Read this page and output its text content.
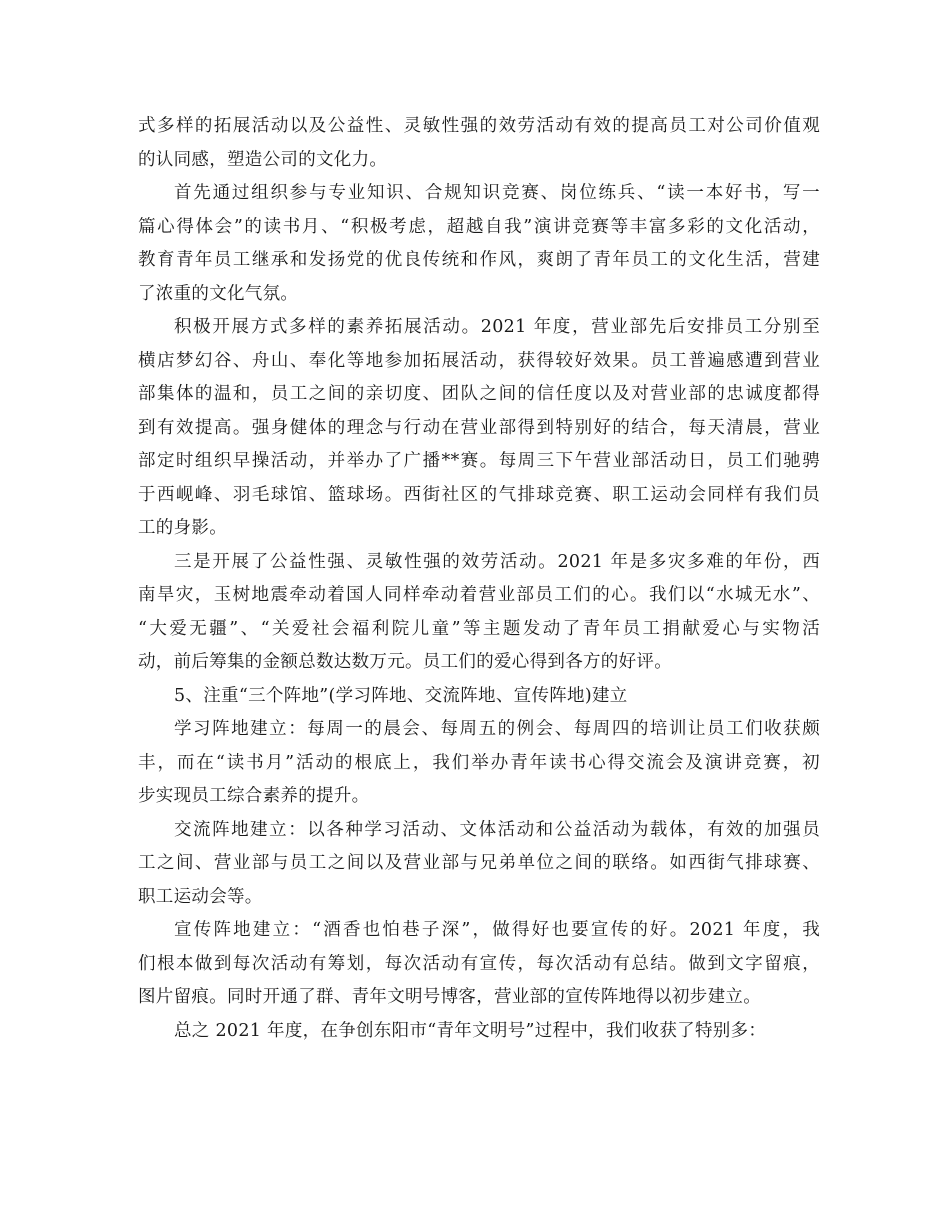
式多样的拓展活动以及公益性、灵敏性强的效劳活动有效的提高员工对公司价值观
的认同感，塑造公司的文化力。
首先通过组织参与专业知识、合规知识竞赛、岗位练兵、“读一本好书，写一
篇心得体会”的读书月、“积极考虑，超越自我”演讲竞赛等丰富多彩的文化活动，
教育青年员工继承和发扬党的优良传统和作风，爽朗了青年员工的文化生活，营建
了浓重的文化气氛。
积极开展方式多样的素养拓展活动。2021 年度，营业部先后安排员工分别至
横店梦幻谷、舟山、奉化等地参加拓展活动，获得较好效果。员工普遍感遭到营业
部集体的温和，员工之间的亲切度、团队之间的信任度以及对营业部的忠诚度都得
到有效提高。强身健体的理念与行动在营业部得到特别好的结合，每天清晨，营业
部定时组织早操活动，并举办了广播**赛。每周三下午营业部活动日，员工们驰骋
于西岘峰、羽毛球馆、篮球场。西街社区的气排球竞赛、职工运动会同样有我们员
工的身影。
三是开展了公益性强、灵敏性强的效劳活动。2021 年是多灾多难的年份，西
南旱灾，玉树地震牵动着国人同样牵动着营业部员工们的心。我们以“水城无水”、
“大爱无疆”、“关爱社会福利院儿童”等主题发动了青年员工捐献爱心与实物活
动，前后筹集的金额总数达数万元。员工们的爱心得到各方的好评。
5、注重“三个阵地”(学习阵地、交流阵地、宣传阵地)建立
学习阵地建立：每周一的晨会、每周五的例会、每周四的培训让员工们收获颇
丰，而在“读书月”活动的根底上，我们举办青年读书心得交流会及演讲竞赛，初
步实现员工综合素养的提升。
交流阵地建立：以各种学习活动、文体活动和公益活动为载体，有效的加强员
工之间、营业部与员工之间以及营业部与兄弟单位之间的联络。如西街气排球赛、
职工运动会等。
宣传阵地建立：“酒香也怕巷子深”，做得好也要宣传的好。2021 年度，我
们根本做到每次活动有筹划，每次活动有宣传，每次活动有总结。做到文字留痕，
图片留痕。同时开通了群、青年文明号博客，营业部的宣传阵地得以初步建立。
总之 2021 年度，在争创东阳市“青年文明号”过程中，我们收获了特别多：
